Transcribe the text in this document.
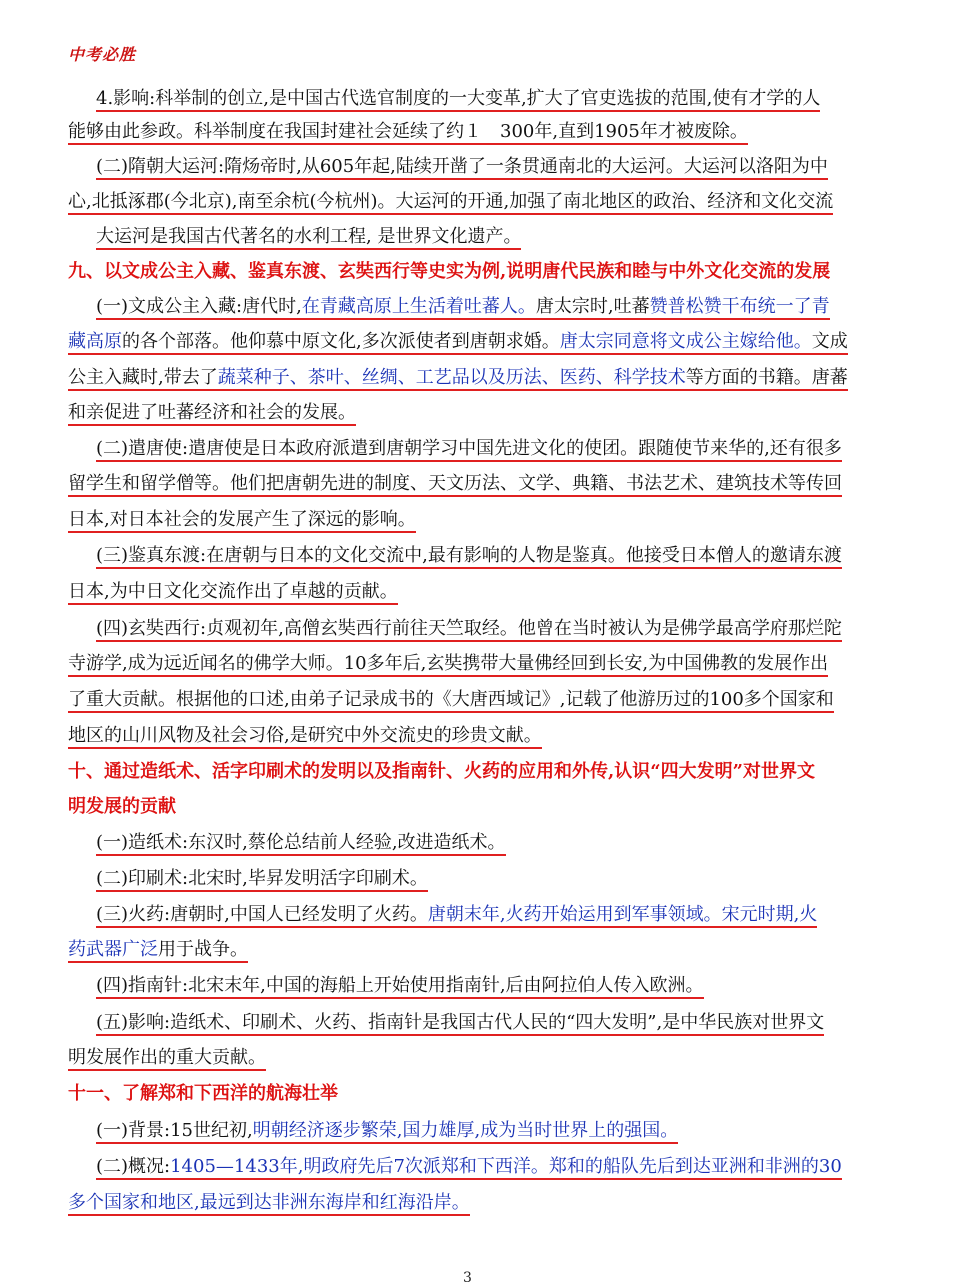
中考必胜
4.影响:科举制的创立,是中国古代选官制度的一大变革,扩大了官吏选拔的范围,使有才学的人
能够由此参政。科举制度在我国封建社会延续了约１　300年,直到1905年才被废除。
(二)隋朝大运河:隋炀帝时,从605年起,陆续开凿了一条贯通南北的大运河。大运河以洛阳为中
心,北抵涿郡(今北京),南至余杭(今杭州)。大运河的开通,加强了南北地区的政治、经济和文化交流
大运河是我国古代著名的水利工程, 是世界文化遗产。
九、以文成公主入藏、鉴真东渡、玄奘西行等史实为例,说明唐代民族和睦与中外文化交流的发展
(一)文成公主入藏:唐代时,在青藏高原上生活着吐蕃人。唐太宗时,吐蕃赞普松赞干布统一了青
藏高原的各个部落。他仰慕中原文化,多次派使者到唐朝求婚。唐太宗同意将文成公主嫁给他。文成
公主入藏时,带去了蔬菜种子、茶叶、丝绸、工艺品以及历法、医药、科学技术等方面的书籍。唐蕃
和亲促进了吐蕃经济和社会的发展。
(二)遣唐使:遣唐使是日本政府派遣到唐朝学习中国先进文化的使团。跟随使节来华的,还有很多
留学生和留学僧等。他们把唐朝先进的制度、天文历法、文学、典籍、书法艺术、建筑技术等传回
日本,对日本社会的发展产生了深远的影响。
(三)鉴真东渡:在唐朝与日本的文化交流中,最有影响的人物是鉴真。他接受日本僧人的邀请东渡
日本,为中日文化交流作出了卓越的贡献。
(四)玄奘西行:贞观初年,高僧玄奘西行前往天竺取经。他曾在当时被认为是佛学最高学府那烂陀
寺游学,成为远近闻名的佛学大师。10多年后,玄奘携带大量佛经回到长安,为中国佛教的发展作出
了重大贡献。根据他的口述,由弟子记录成书的《大唐西域记》,记载了他游历过的100多个国家和
地区的山川风物及社会习俗,是研究中外交流史的珍贵文献。
十、通过造纸术、活字印刷术的发明以及指南针、火药的应用和外传,认识“四大发明”对世界文
明发展的贡献
(一)造纸术:东汉时,蔡伦总结前人经验,改进造纸术。
(二)印刷术:北宋时,毕昇发明活字印刷术。
(三)火药:唐朝时,中国人已经发明了火药。唐朝末年,火药开始运用到军事领域。宋元时期,火
药武器广泛用于战争。
(四)指南针:北宋末年,中国的海船上开始使用指南针,后由阿拉伯人传入欧洲。
(五)影响:造纸术、印刷术、火药、指南针是我国古代人民的“四大发明”,是中华民族对世界文
明发展作出的重大贡献。
十一、了解郑和下西洋的航海壮举
(一)背景:15世纪初,明朝经济逐步繁荣,国力雄厚,成为当时世界上的强国。
(二)概况:1405—1433年,明政府先后7次派郑和下西洋。郑和的船队先后到达亚洲和非洲的30
多个国家和地区,最远到达非洲东海岸和红海沿岸。
3
